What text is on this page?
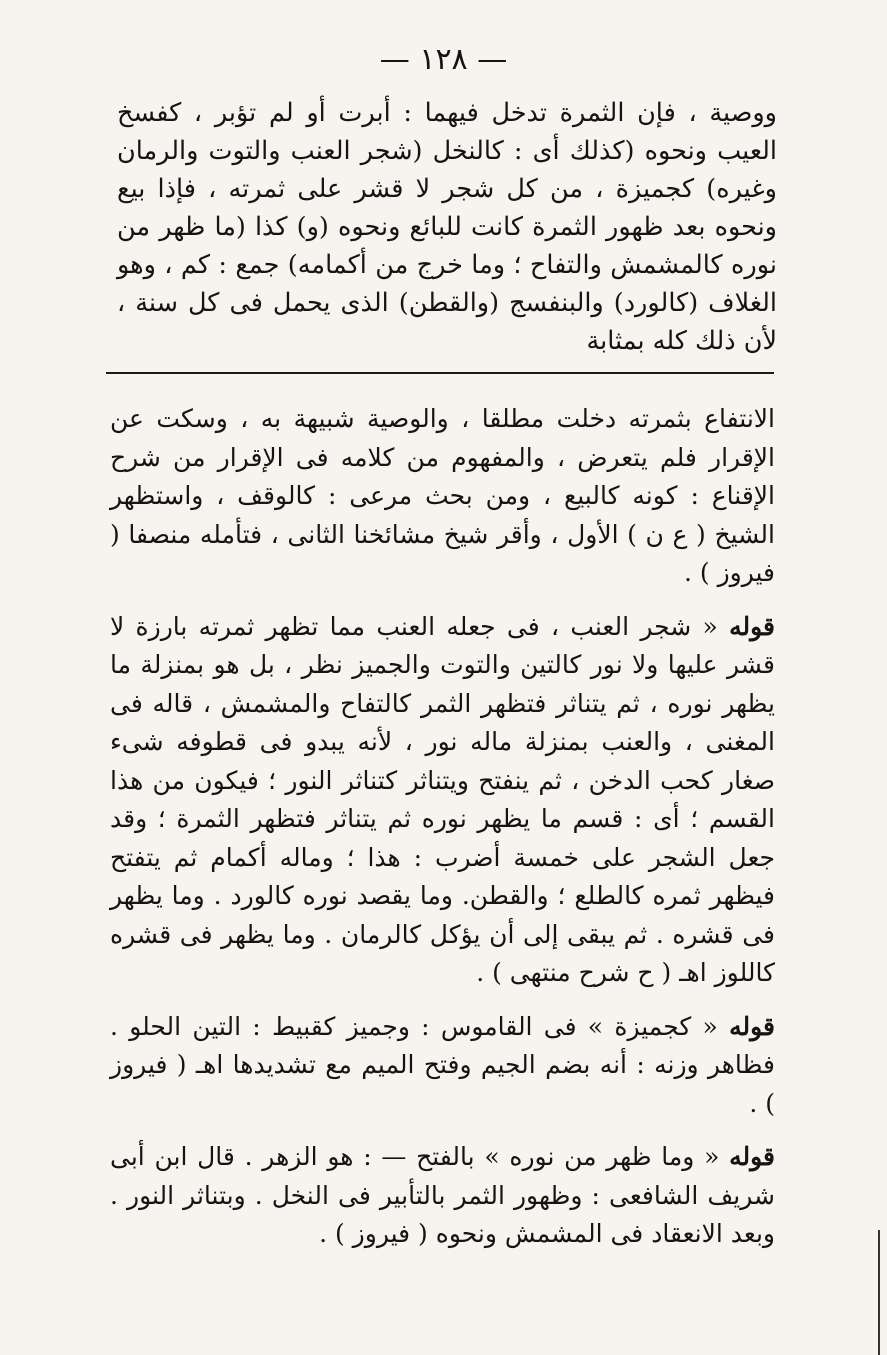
— ١٢٨ —

ووصية ، فإن الثمرة تدخل فيهما : أبرت أو لم تؤبر ، كفسخ العيب ونحوه (كذلك أى : كالنخل (شجر العنب والتوت والرمان وغيره) كجميزة ، من كل شجر لا قشر على ثمرته ، فإذا بيع ونحوه بعد ظهور الثمرة كانت للبائع ونحوه (و) كذا (ما ظهر من نوره كالمشمش والتفاح ؛ وما خرج من أكمامه) جمع : كم ، وهو الغلاف (كالورد) والبنفسج (والقطن) الذى يحمل فى كل سنة ، لأن ذلك كله بمثابة

الانتفاع بثمرته دخلت مطلقا ، والوصية شبيهة به ، وسكت عن الإقرار فلم يتعرض ، والمفهوم من كلامه فى الإقرار من شرح الإقناع : كونه كالبيع ، ومن بحث مرعى : كالوقف ، واستظهر الشيخ ( ع ن ) الأول ، وأقر شيخ مشائخنا الثانى ، فتأمله منصفا ( فيروز ) .

قوله « شجر العنب ، فى جعله العنب مما تظهر ثمرته بارزة لا قشر عليها ولا نور كالتين والتوت والجميز نظر ، بل هو بمنزلة ما يظهر نوره ، ثم يتناثر فتظهر الثمر كالتفاح والمشمش ، قاله فى المغنى ، والعنب بمنزلة ماله نور ، لأنه يبدو فى قطوفه شىء صغار كحب الدخن ، ثم ينفتح ويتناثر كتناثر النور ؛ فيكون من هذا القسم ؛ أى : قسم ما يظهر نوره ثم يتناثر فتظهر الثمرة ؛ وقد جعل الشجر على خمسة أضرب : هذا ؛ وماله أكمام ثم يتفتح فيظهر ثمره كالطلع ؛ والقطن. وما يقصد نوره كالورد . وما يظهر فى قشره . ثم يبقى إلى أن يؤكل كالرمان . وما يظهر فى قشره كاللوز اهـ ( ح شرح منتهى ) .

قوله « كجميزة » فى القاموس : وجميز كقبيط : التين الحلو . فظاهر وزنه : أنه بضم الجيم وفتح الميم مع تشديدها اهـ ( فيروز ) .

قوله « وما ظهر من نوره » بالفتح — : هو الزهر . قال ابن أبى شريف الشافعى : وظهور الثمر بالتأبير فى النخل . وبتناثر النور . وبعد الانعقاد فى المشمش ونحوه ( فيروز ) .
